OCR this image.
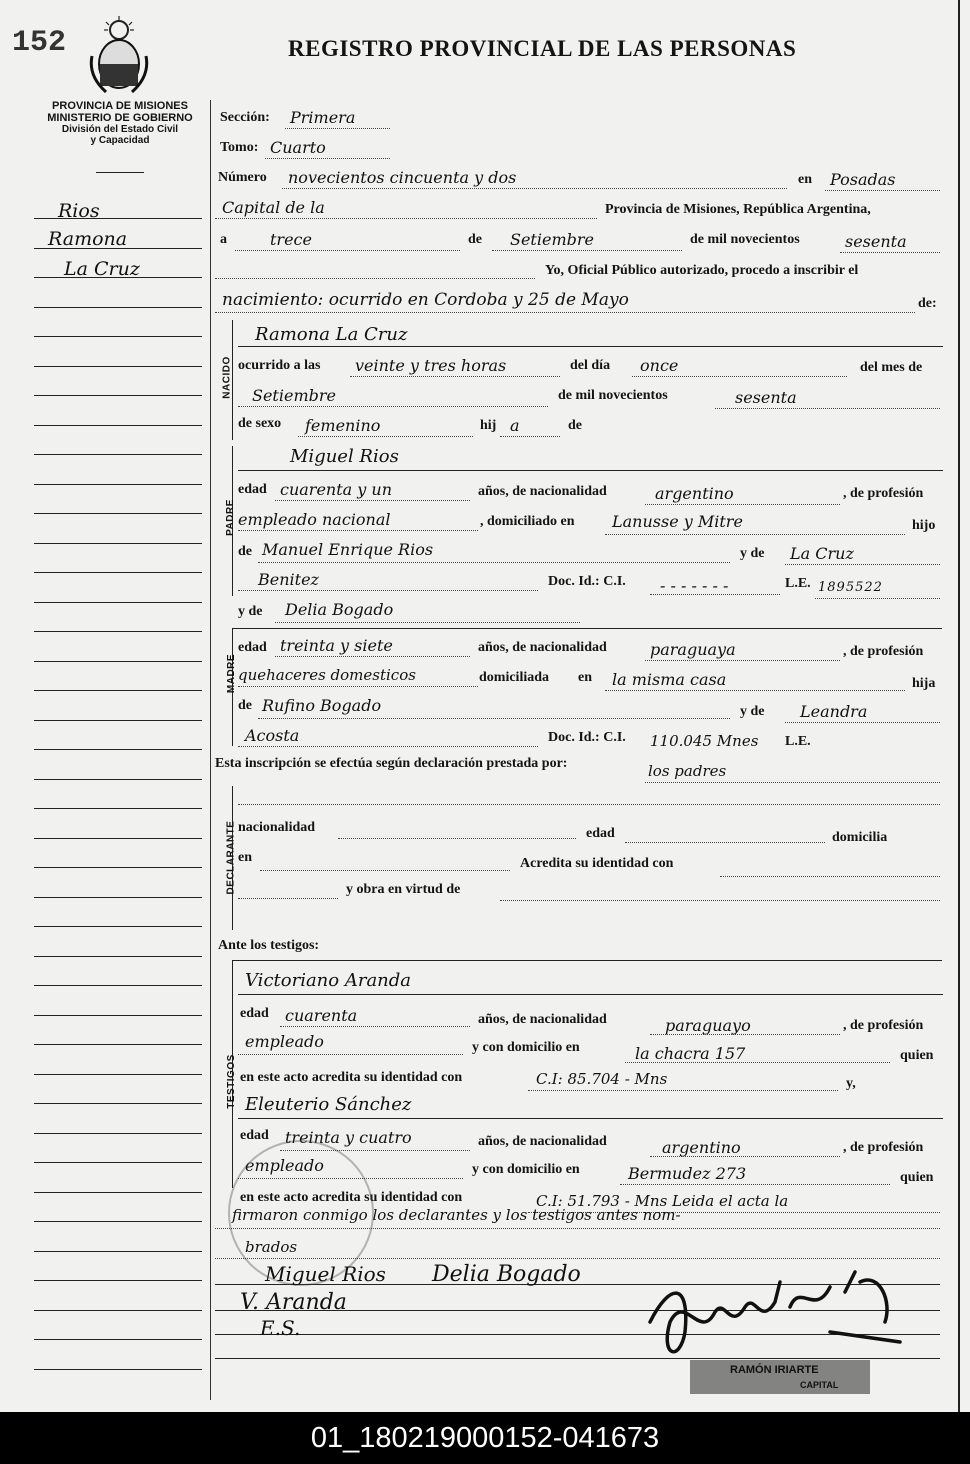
152	REGISTRO PROVINCIAL DE LAS PERSONAS
PROVINCIA DE MISIONES
MINISTERIO DE GOBIERNO
División del Estado Civil
y Capacidad
Rios
Ramona
La Cruz
Sección: Primera
Tomo: Cuarto
Número novecientos cincuenta y dos	en Posadas
Capital de la	Provincia de Misiones, República Argentina,
a	trece	de Setiembre	de mil novecientos	sesenta
Yo, Oficial Público autorizado, procedo a inscribir el
nacimiento: ocurrido en Cordoba y 25 de Mayo	de:
NACIDO
Ramona La Cruz
ocurrido a las veinte y tres horas	del día once	del mes de
Setiembre	de mil novecientos	sesenta
de sexo femenino	hij a	de
PADRE
Miguel Rios
edad cuarenta y un	años, de nacionalidad	argentino	, de profesión
empleado nacional	, domiciliado en Lanusse y Mitre	hijo
de Manuel Enrique Rios	y de La Cruz
Benitez	Doc. Id.: C.I. - - - - - - -	L.E. 1895522
y de Delia Bogado
MADRE
edad treinta y siete	años, de nacionalidad	paraguaya	, de profesión
quehaceres domesticos	domiciliada en la misma casa	hija
de Rufino Bogado	y de Leandra
Acosta	Doc. Id.: C.I. 110.045 Mnes L.E.
Esta inscripción se efectúa según declaración prestada por:	los padres
DECLARANTE nacionalidad	edad	domicilia
en	Acredita su identidad con
y obra en virtud de
Ante los testigos:
TESTIGOS
Victoriano Aranda
edad cuarenta	años, de nacionalidad	paraguayo	, de profesión
empleado	y con domicilio en	la chacra 157	quien
en este acto acredita su identidad con	C.I: 85.704 - Mns	y,
Eleuterio Sánchez
edad treinta y cuatro	años, de nacionalidad	argentino	, de profesión
empleado	y con domicilio en	Bermudez 273	quien
en este acto acredita su identidad con	C.I: 51.793 - Mns Leida el acta la
firmaron conmigo los declarantes y los testigos antes nom-
brados
Miguel Rios Delia Bogado
V. Aranda
E.S.
RAMÓN IRIARTE
CAPITAL
01_180219000152-041673
